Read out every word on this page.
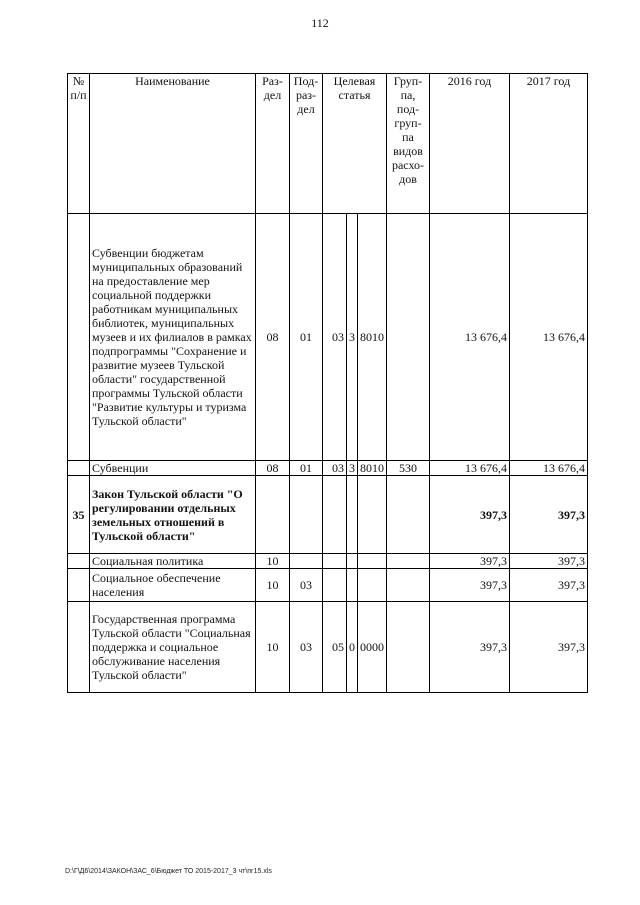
112
№ п/п	Наименование	Раз-дел	Под-раз-дел	Целевая статья			Груп-па, под-груп-па видов расхо-дов	2016 год	2017 год
	Субвенции бюджетам муниципальных образований на предоставление мер социальной поддержки работникам муниципальных библиотек, муниципальных музеев и их филиалов в рамках подпрограммы "Сохранение и развитие музеев Тульской области" государственной программы Тульской области "Развитие культуры и туризма Тульской области"	08	01	03	3	8010		13 676,4	13 676,4
	Субвенции	08	01	03	3	8010	530	13 676,4	13 676,4
35	Закон Тульской области "О регулировании отдельных земельных отношений в Тульской области"							397,3	397,3
	Социальная политика	10						397,3	397,3
	Социальное обеспечение населения	10	03					397,3	397,3
	Государственная программа Тульской области "Социальная поддержка и социальное обслуживание населения Тульской области"	10	03	05	0	0000		397,3	397,3
D:\Г\Д6\2014\ЗАКОН\ЗАС_6\Бюджет ТО 2015-2017_3 чт\пг15.xls
